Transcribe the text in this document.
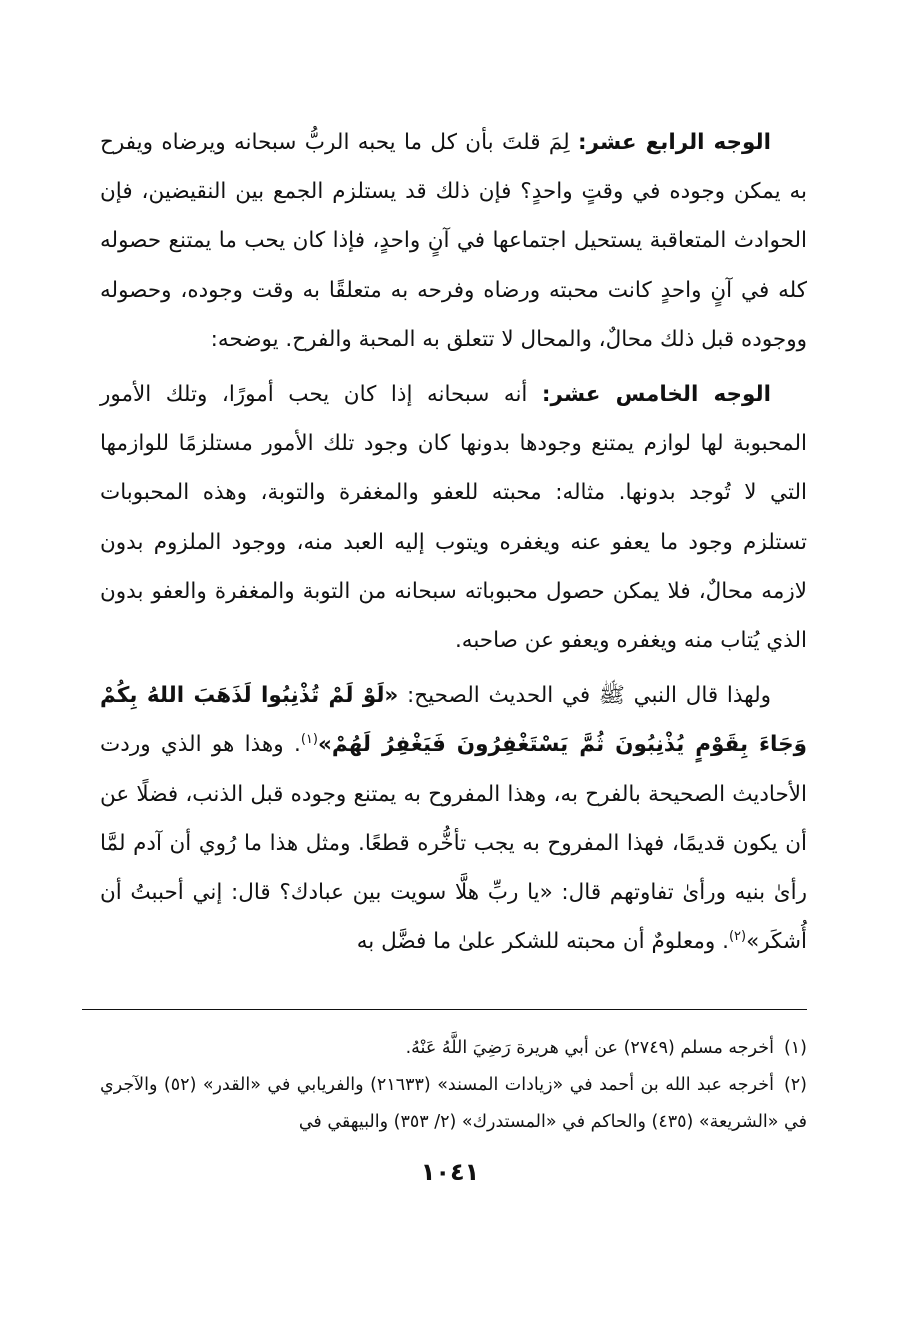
الوجه الرابع عشر: لِمَ قلتَ بأن كل ما يحبه الربُّ سبحانه ويرضاه ويفرح به يمكن وجوده في وقتٍ واحدٍ؟ فإن ذلك قد يستلزم الجمع بين النقيضين، فإن الحوادث المتعاقبة يستحيل اجتماعها في آنٍ واحدٍ، فإذا كان يحب ما يمتنع حصوله كله في آنٍ واحدٍ كانت محبته ورضاه وفرحه به متعلقًا به وقت وجوده، وحصوله ووجوده قبل ذلك محالٌ، والمحال لا تتعلق به المحبة والفرح. يوضحه:

الوجه الخامس عشر: أنه سبحانه إذا كان يحب أمورًا، وتلك الأمور المحبوبة لها لوازم يمتنع وجودها بدونها كان وجود تلك الأمور مستلزمًا للوازمها التي لا تُوجد بدونها. مثاله: محبته للعفو والمغفرة والتوبة، وهذه المحبوبات تستلزم وجود ما يعفو عنه ويغفره ويتوب إليه العبد منه، ووجود الملزوم بدون لازمه محالٌ، فلا يمكن حصول محبوباته سبحانه من التوبة والمغفرة والعفو بدون الذي يُتاب منه ويغفره ويعفو عن صاحبه.

ولهذا قال النبي ﷺ في الحديث الصحيح: «لَوْ لَمْ تُذْنِبُوا لَذَهَبَ اللهُ بِكُمْ وَجَاءَ بِقَوْمٍ يُذْنِبُونَ ثُمَّ يَسْتَغْفِرُونَ فَيَغْفِرُ لَهُمْ»$^{(١)}$. وهذا هو الذي وردت الأحاديث الصحيحة بالفرح به، وهذا المفروح به يمتنع وجوده قبل الذنب، فضلًا عن أن يكون قديمًا، فهذا المفروح به يجب تأخُّره قطعًا. ومثل هذا ما رُوي أن آدم لمَّا رأىٰ بنيه ورأىٰ تفاوتهم قال: «يا ربِّ هلَّا سويت بين عبادك؟ قال: إني أحببتُ أن أُشكَر»$^{(٢)}$. ومعلومٌ أن محبته للشكر علىٰ ما فضَّل به

(١)أخرجه مسلم (٢٧٤٩) عن أبي هريرة رَضِيَ اللَّهُ عَنْهُ.

(٢)أخرجه عبد الله بن أحمد في «زيادات المسند» (٢١٦٣٣) والفريابي في «القدر» (٥٢) والآجري في «الشريعة» (٤٣٥) والحاكم في «المستدرك» (٢/ ٣٥٣) والبيهقي في

١٠٤١
